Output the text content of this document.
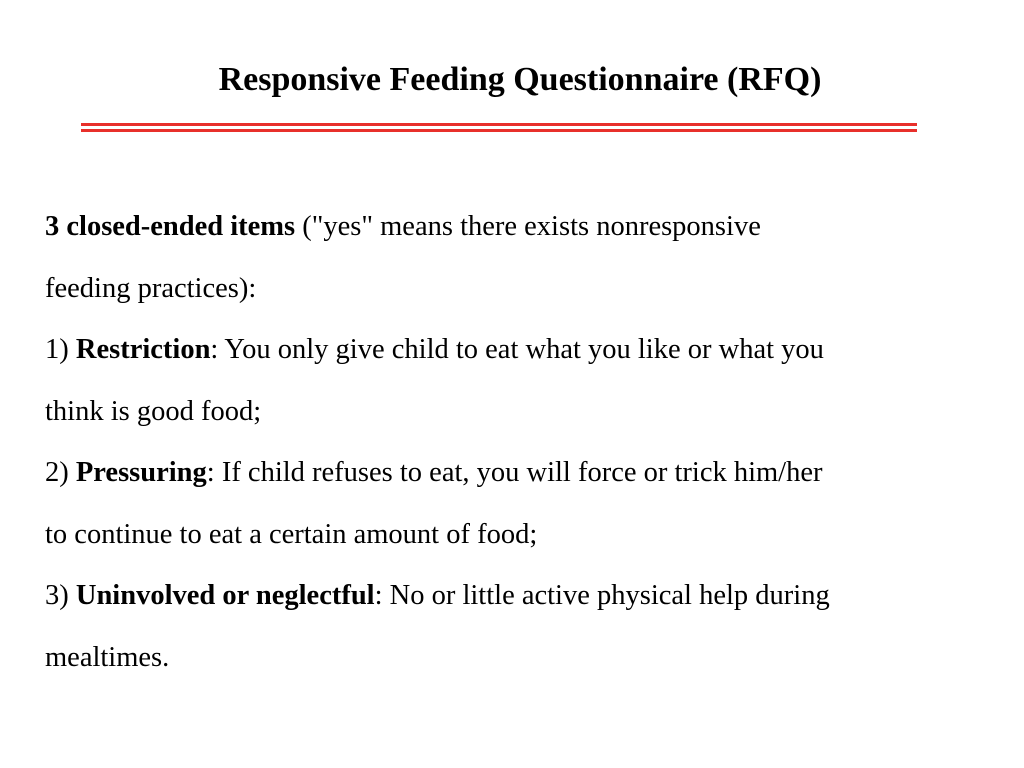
Responsive Feeding Questionnaire (RFQ)
3 closed-ended items ("yes" means there exists nonresponsive
feeding practices):
1) Restriction: You only give child to eat what you like or what you
think is good food;
2) Pressuring: If child refuses to eat, you will force or trick him/her
to continue to eat a certain amount of food;
3) Uninvolved or neglectful: No or little active physical help during
mealtimes.
